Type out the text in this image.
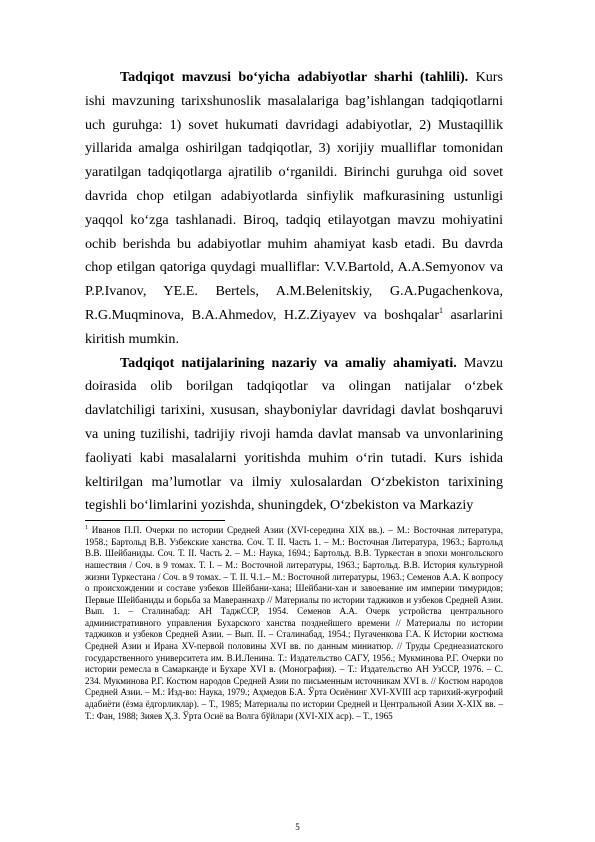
Tadqiqot mavzusi bo‘yicha adabiyotlar sharhi (tahlili). Kurs ishi mavzuning tarixshunoslik masalalariga bag’ishlangan tadqiqotlarni uch guruhga: 1) sovet hukumati davridagi adabiyotlar, 2) Mustaqillik yillarida amalga oshirilgan tadqiqotlar, 3) xorijiy mualliflar tomonidan yaratilgan tadqiqotlarga ajratilib o‘rganildi. Birinchi guruhga oid sovet davrida chop etilgan adabiyotlarda sinfiylik mafkurasining ustunligi yaqqol ko‘zga tashlanadi. Biroq, tadqiq etilayotgan mavzu mohiyatini ochib berishda bu adabiyotlar muhim ahamiyat kasb etadi. Bu davrda chop etilgan qatoriga quydagi mualliflar: V.V.Bartold, A.A.Semyonov va P.P.Ivanov, YE.E. Bertels, A.M.Belenitskiy, G.A.Pugachenkova, R.G.Muqminova, B.A.Ahmedov, H.Z.Ziyayev va boshqalar$^1$ asarlarini kiritish mumkin.

Tadqiqot natijalarining nazariy va amaliy ahamiyati. Mavzu doirasida olib borilgan tadqiqotlar va olingan natijalar o‘zbek davlatchiligi tarixini, xususan, shayboniylar davridagi davlat boshqaruvi va uning tuzilishi, tadrijiy rivoji hamda davlat mansab va unvonlarining faoliyati kabi masalalarni yoritishda muhim o‘rin tutadi. Kurs ishida keltirilgan ma’lumotlar va ilmiy xulosalardan O‘zbekiston tarixining tegishli bo‘limlarini yozishda, shuningdek, O‘zbekiston va Markaziy

$^1$ Иванов П.П. Очерки по истории Средней Азии (XVI-середина XIX вв.). – М.: Восточная литература, 1958.; Бартольд В.В. Узбекские ханства. Соч. Т. II. Часть 1. – М.: Восточная Литература, 1963.; Бартольд В.В. Шейбаниды. Соч. Т. II. Часть 2. – М.: Наука, 1694.; Бартольд. В.В. Туркестан в эпохи монгольского нашествия / Соч. в 9 томах. Т. I. – М.: Восточной литературы, 1963.; Бартольд. В.В. История культурной жизни Туркестана / Соч. в 9 томах. – Т. II. Ч.1.– М.: Восточной литературы, 1963.; Семенов А.А. К вопросу о происхождении и составе узбеков Шейбани-хана; Шейбани-хан и завоевание им империи тимуридов; Первые Шейбаниды и борьба за Мавераннахр // Материалы по истории таджиков и узбеков Средней Азии. Вып. 1. – Сталинабад: АН ТаджССР, 1954. Семенов А.А. Очерк устройства центрального административного управления Бухарского ханства позднейшего времени // Материалы по истории таджиков и узбеков Средней Азии. – Вып. II. – Сталинабад, 1954.; Пугаченкова Г.А. К Истории костюма Средней Азии и Ирана XV-первой половины XVI вв. по данным миниатюр. // Труды Среднеазиатского государственного университета им. В.И.Ленина. Т.: Издательство САГУ, 1956.; Мукминова Р.Г. Очерки по истории ремесла в Самарканде и Бухаре XVI в. (Монография). – Т.: Издательство АН УзССР, 1976. – С. 234. Мукминова Р.Г. Костюм народов Средней Азии по письменным источникам XVI в. // Костюм народов Средней Азии. – М.: Изд-во: Наука, 1979.; Аҳмедов Б.А. Ўрта Осиёнинг XVI-XVIII аср тарихий-жуғрофий адабиёти (ёзма ёдгорликлар). – Т., 1985; Материалы по истории Средней и Центральной Азии X-XIX вв. – Т.: Фан, 1988; Зияев Ҳ.З. Ўрта Осиё ва Волга бўйлари (XVI-XIX аср). – Т., 1965

5
